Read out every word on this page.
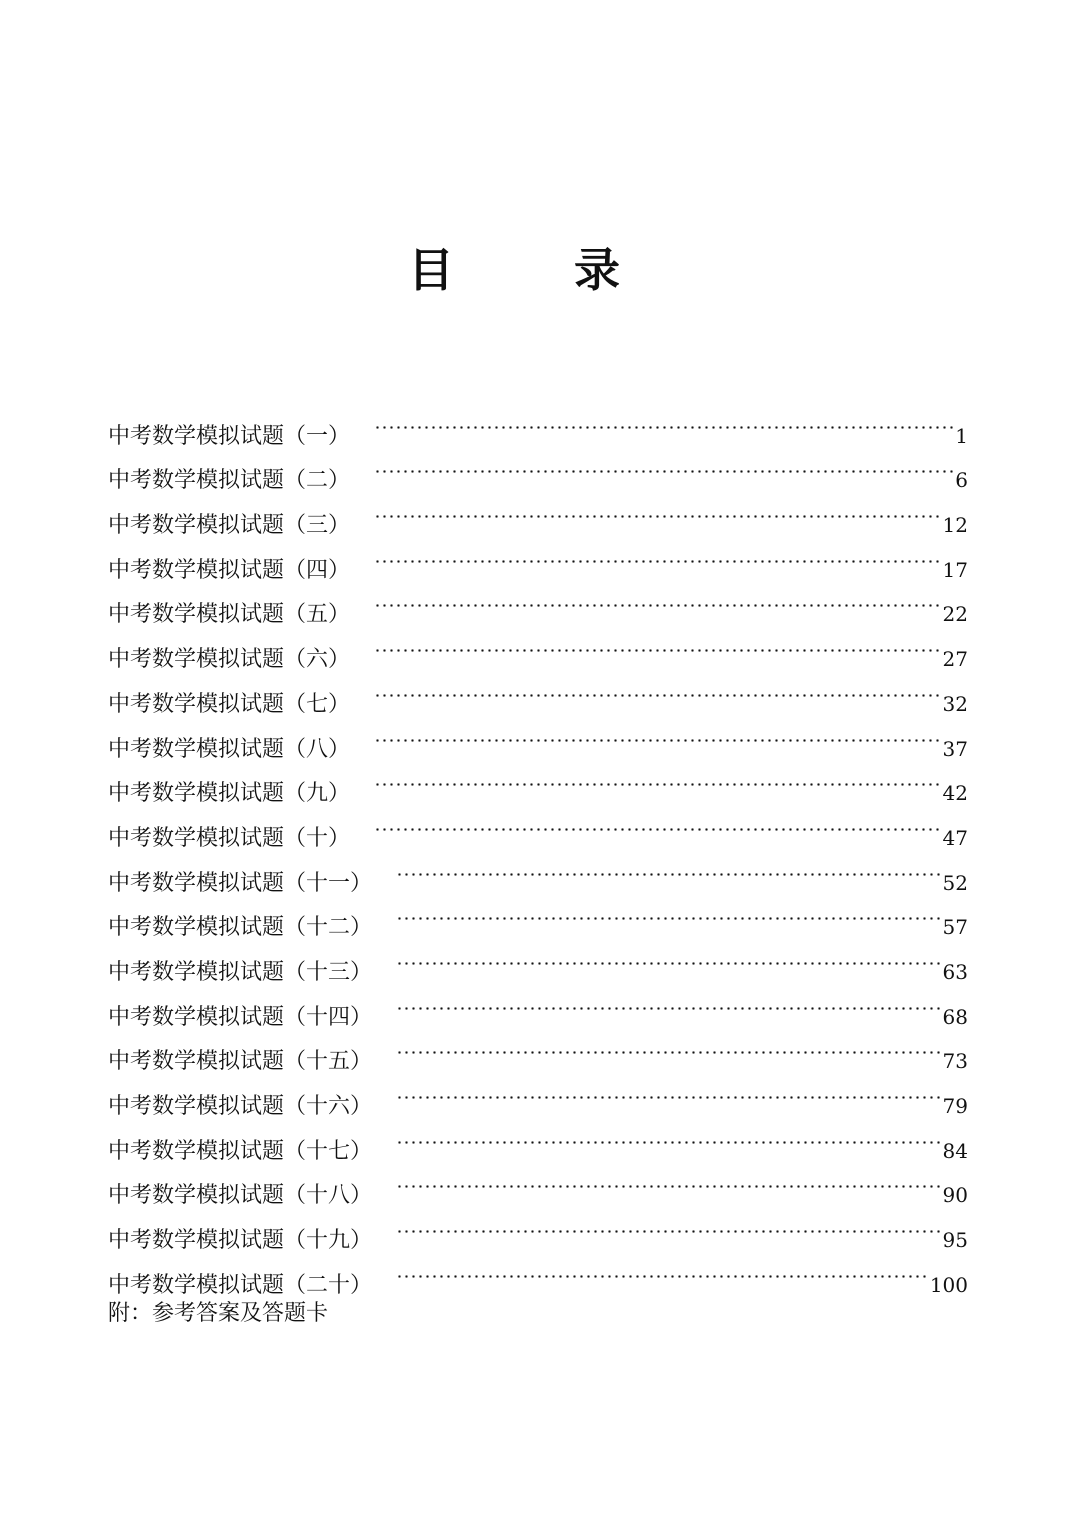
目 录
中考数学模拟试题（一）	1
中考数学模拟试题（二）	6
中考数学模拟试题（三）	12
中考数学模拟试题（四）	17
中考数学模拟试题（五）	22
中考数学模拟试题（六）	27
中考数学模拟试题（七）	32
中考数学模拟试题（八）	37
中考数学模拟试题（九）	42
中考数学模拟试题（十）	47
中考数学模拟试题（十一）	52
中考数学模拟试题（十二）	57
中考数学模拟试题（十三）	63
中考数学模拟试题（十四）	68
中考数学模拟试题（十五）	73
中考数学模拟试题（十六）	79
中考数学模拟试题（十七）	84
中考数学模拟试题（十八）	90
中考数学模拟试题（十九）	95
中考数学模拟试题（二十）	100
附：参考答案及答题卡
